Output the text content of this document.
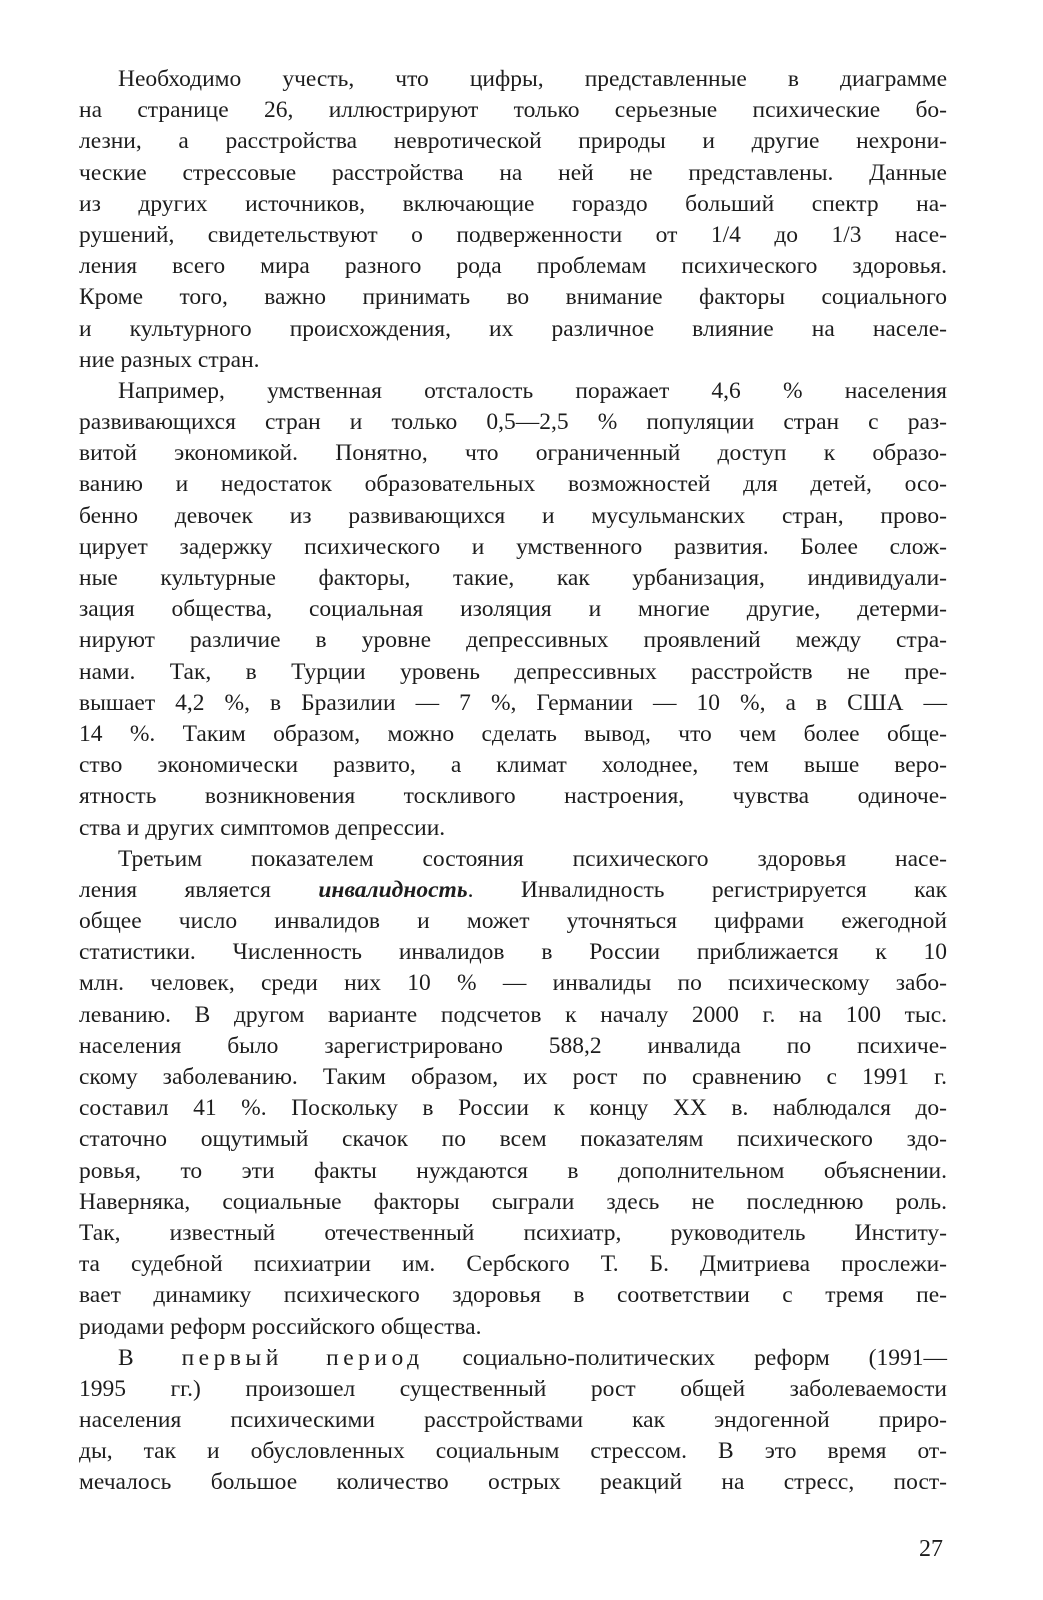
Необходимо учесть, что цифры, представленные в диаграмме
на странице 26, иллюстрируют только серьезные психические бо-
лезни, а расстройства невротической природы и другие нехрони-
ческие стрессовые расстройства на ней не представлены. Данные
из других источников, включающие гораздо больший спектр на-
рушений, свидетельствуют о подверженности от 1/4 до 1/3 насе-
ления всего мира разного рода проблемам психического здоровья.
Кроме того, важно принимать во внимание факторы социального
и культурного происхождения, их различное влияние на населе-
ние разных стран.
Например, умственная отсталость поражает 4,6 % населения
развивающихся стран и только 0,5—2,5 % популяции стран с раз-
витой экономикой. Понятно, что ограниченный доступ к образо-
ванию и недостаток образовательных возможностей для детей, осо-
бенно девочек из развивающихся и мусульманских стран, прово-
цирует задержку психического и умственного развития. Более слож-
ные культурные факторы, такие, как урбанизация, индивидуали-
зация общества, социальная изоляция и многие другие, детерми-
нируют различие в уровне депрессивных проявлений между стра-
нами. Так, в Турции уровень депрессивных расстройств не пре-
вышает 4,2 %, в Бразилии — 7 %, Германии — 10 %, а в США —
14 %. Таким образом, можно сделать вывод, что чем более обще-
ство экономически развито, а климат холоднее, тем выше веро-
ятность возникновения тоскливого настроения, чувства одиноче-
ства и других симптомов депрессии.
Третьим показателем состояния психического здоровья насе-
ления является инвалидность. Инвалидность регистрируется как
общее число инвалидов и может уточняться цифрами ежегодной
статистики. Численность инвалидов в России приближается к 10
млн. человек, среди них 10 % — инвалиды по психическому забо-
леванию. В другом варианте подсчетов к началу 2000 г. на 100 тыс.
населения было зарегистрировано 588,2 инвалида по психиче-
скому заболеванию. Таким образом, их рост по сравнению с 1991 г.
составил 41 %. Поскольку в России к концу XX в. наблюдался до-
статочно ощутимый скачок по всем показателям психического здо-
ровья, то эти факты нуждаются в дополнительном объяснении.
Наверняка, социальные факторы сыграли здесь не последнюю роль.
Так, известный отечественный психиатр, руководитель Институ-
та судебной психиатрии им. Сербского Т. Б. Дмитриева прослежи-
вает динамику психического здоровья в соответствии с тремя пе-
риодами реформ российского общества.
В первый период социально-политических реформ (1991—
1995 гг.) произошел существенный рост общей заболеваемости
населения психическими расстройствами как эндогенной приро-
ды, так и обусловленных социальным стрессом. В это время от-
мечалось большое количество острых реакций на стресс, пост-
27
